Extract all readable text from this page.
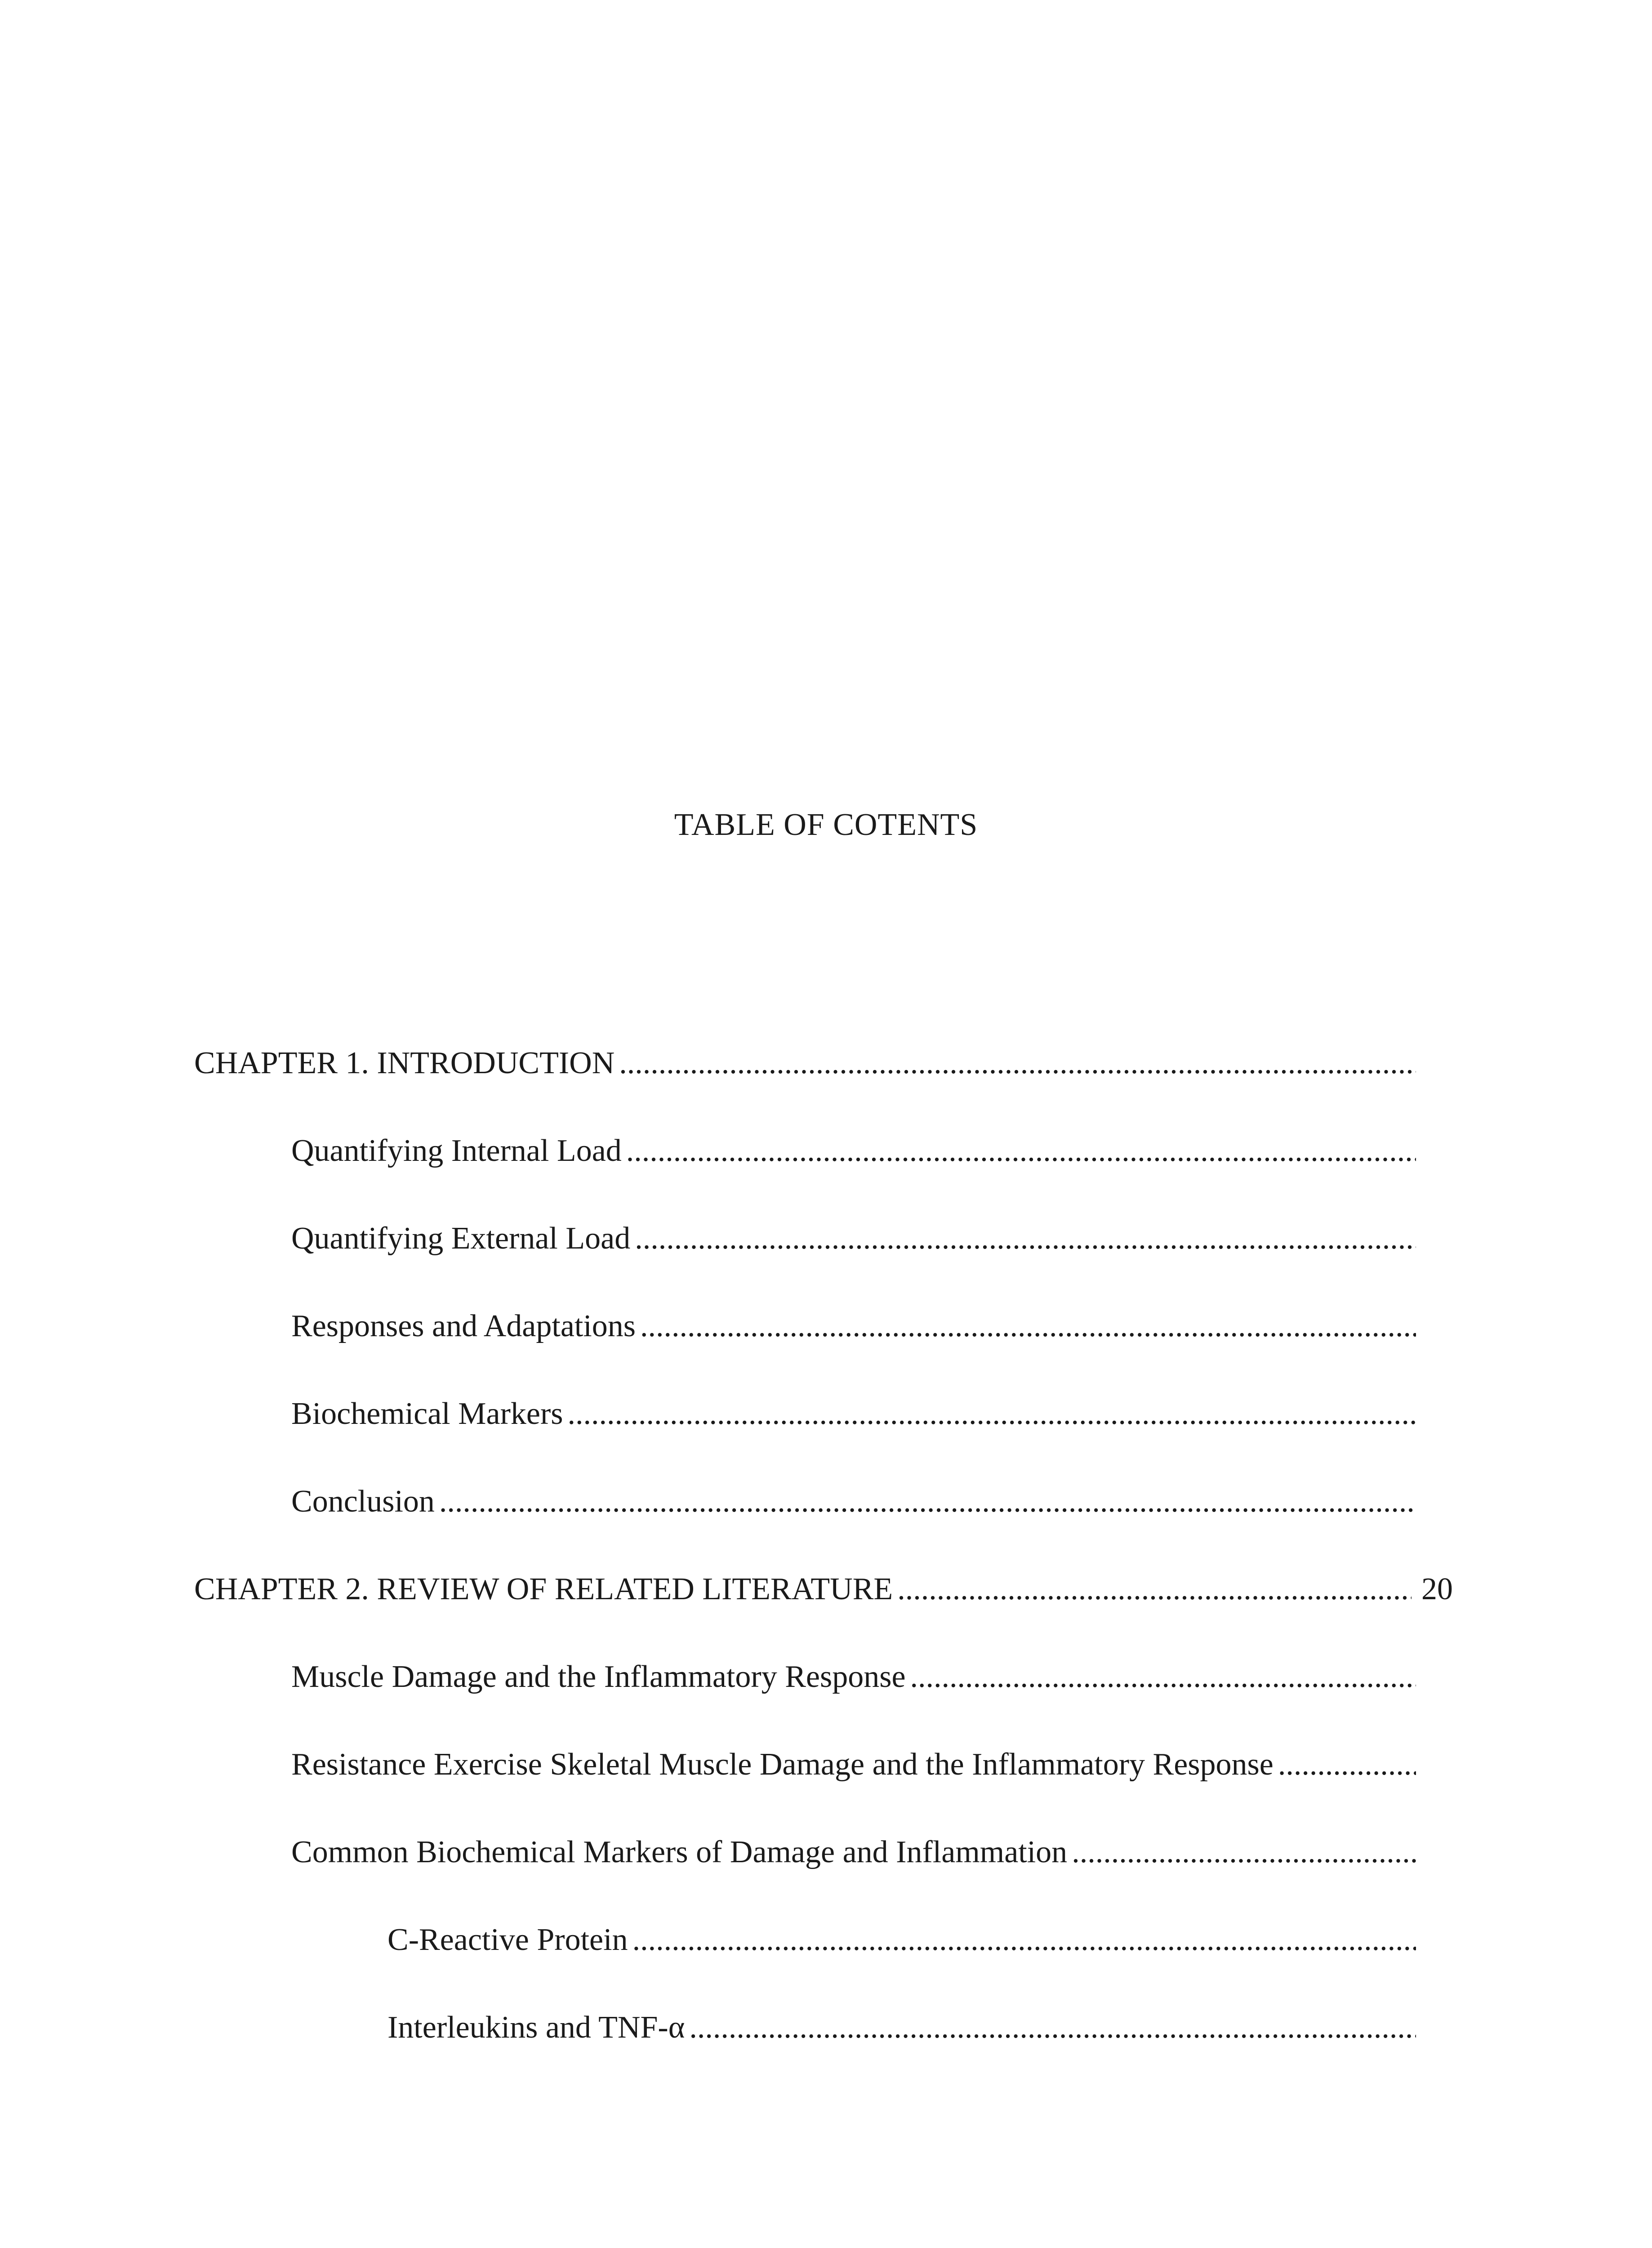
TABLE OF COTENTS
CHAPTER 1. INTRODUCTION
.....
Quantifying Internal Load
.....
Quantifying External Load
.....
Responses and Adaptations
.....
Biochemical Markers
.....
Conclusion
.....
CHAPTER 2. REVIEW OF RELATED LITERATURE
.....	20
Muscle Damage and the Inflammatory Response
.....
Resistance Exercise Skeletal Muscle Damage and the Inflammatory Response
.....
Common Biochemical Markers of Damage and Inflammation
.....
C-Reactive Protein
.....
Interleukins and TNF-α
.....
